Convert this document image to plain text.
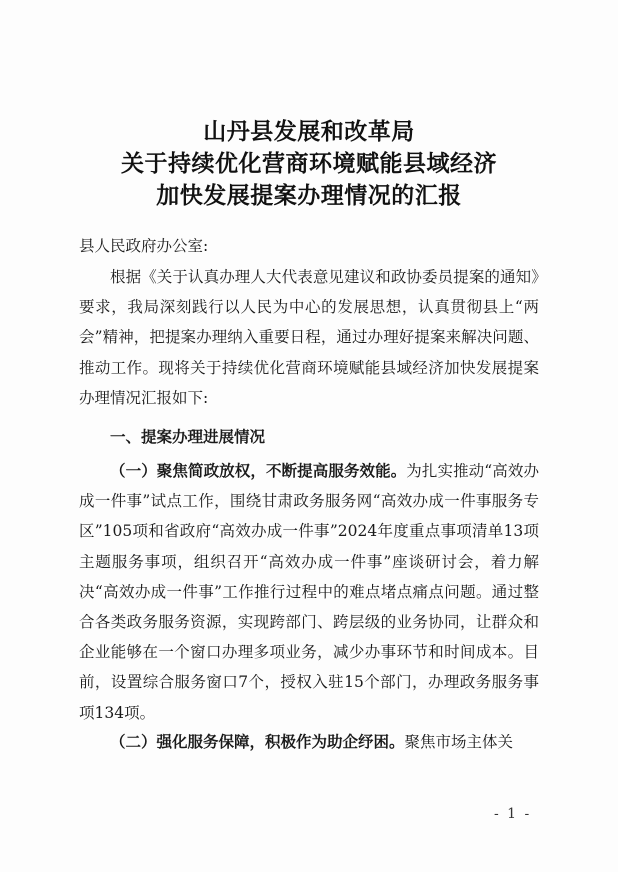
山丹县发展和改革局
关于持续优化营商环境赋能县域经济
加快发展提案办理情况的汇报

县人民政府办公室:

根据《关于认真办理人大代表意见建议和政协委员提案的通知》要求，我局深刻践行以人民为中心的发展思想，认真贯彻县上“两会”精神，把提案办理纳入重要日程，通过办理好提案来解决问题、推动工作。现将关于持续优化营商环境赋能县域经济加快发展提案办理情况汇报如下:

一、提案办理进展情况

（一）聚焦简政放权，不断提高服务效能。为扎实推动“高效办成一件事”试点工作，围绕甘肃政务服务网“高效办成一件事服务专区”105项和省政府“高效办成一件事”2024年度重点事项清单13项主题服务事项，组织召开“高效办成一件事”座谈研讨会，着力解决“高效办成一件事”工作推行过程中的难点堵点痛点问题。通过整合各类政务服务资源，实现跨部门、跨层级的业务协同，让群众和企业能够在一个窗口办理多项业务，减少办事环节和时间成本。目前，设置综合服务窗口7个，授权入驻15个部门，办理政务服务事项134项。

（二）强化服务保障，积极作为助企纾困。聚焦市场主体关

- 1 -
